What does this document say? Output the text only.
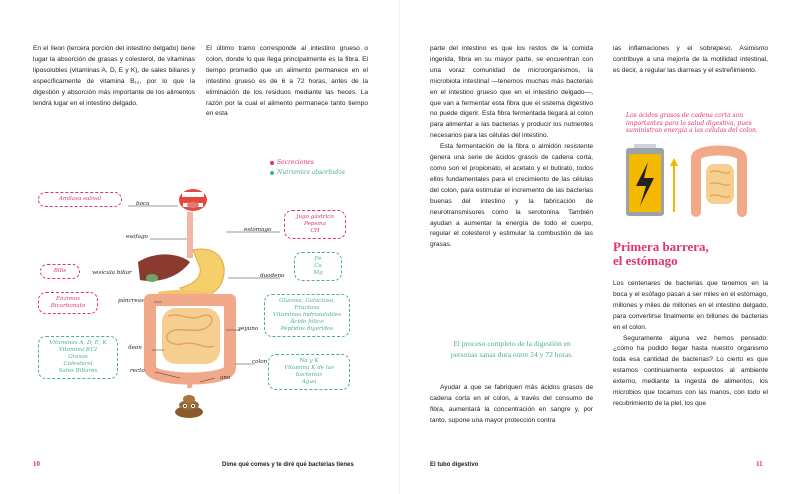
En el íleon (tercera porción del intestino delgado) tiene lugar la absorción de grasas y colesterol, de vitaminas liposolubles (vitaminas A, D, E y K), de sales biliares y específicamente de vitamina B₁₂, por lo que la digestión y absorción más importante de los alimentos tendrá lugar en el intestino delgado.

El último tramo corresponde al intestino grueso o colon, donde lo que llega principalmente es la fibra. El tiempo promedio que un alimento permanece en el intestino grueso es de 6 a 72 horas, antes de la eliminación de los residuos mediante las heces. La razón por la cual el alimento permanece tanto tiempo en esta

Secreciones
Nutrientes absorbidos
boca
esófago
estómago
vesícula biliar	duodeno
páncreas
yeyuno
íleon
colon
recto
ano
Amilasa salival
Jugo gástrico
Pepsina
CH
Fe
Ca
Mg
Bilis
Enzimas
Bicarbonato
Glucosa, Galactosa,
Fructosa
Vitaminas hidrosolubles
Ácido fólico
Péptidos digeridos
Vitaminas A, D, E, K
Vitamina B12
Grasas
Colesterol
Sales Biliares
Na y K
Vitamina K de las
bacterias
Agua
10	Dime qué comes y te diré qué bacterias tienes

parte del intestino es que los restos de la comida ingerida, fibra en su mayor parte, se encuentran con una voraz comunidad de microorganismos, la microbiota intestinal —tenemos muchas más bacterias en el intestino grueso que en el intestino delgado—, que van a fermentar esta fibra que el sistema digestivo no puede digerir. Esta fibra fermentada llegará al colon para alimentar a las bacterias y producir los nutrientes necesarios para las células del intestino.

Esta fermentación de la fibra o almidón resistente genera una serie de ácidos grasos de cadena corta, como son el propionato, el acetato y el butirato, todos ellos fundamentales para el crecimiento de las células del colon, para estimular el incremento de las bacterias buenas del intestino y la fabricación de neurotransmisores como la serotonina. También ayudan a aumentar la energía de todo el cuerpo, regular el colesterol y estimular la combustión de las grasas.

El proceso completo de la digestión en personas sanas dura entre 24 y 72 horas.

Ayudar a que se fabriquen más ácidos grasos de cadena corta en el colon, a través del consumo de fibra, aumentará la concentración en sangre y, por tanto, supone una mayor protección contra

las inflamaciones y el sobrepeso. Asimismo contribuye a una mejoría de la motilidad intestinal, es decir, a regular las diarreas y el estreñimiento.

Los ácidos grasos de cadena corta son importantes para la salud digestiva, pues suministran energía a las células del colon.
Primera barrera,
el estómago

Los centenares de bacterias que tenemos en la boca y el esófago pasan a ser miles en el estómago, millones y miles de millones en el intestino delgado, para convertirse finalmente en billones de bacterias en el colon.

Seguramente alguna vez hemos pensado: ¿cómo ha podido llegar hasta nuestro organismo toda esa cantidad de bacterias? Lo cierto es que estamos continuamente expuestos al ambiente externo, mediante la ingesta de alimentos, los microbios que tocamos con las manos, con todo el recubrimiento de la piel, los que

El tubo digestivo	11
